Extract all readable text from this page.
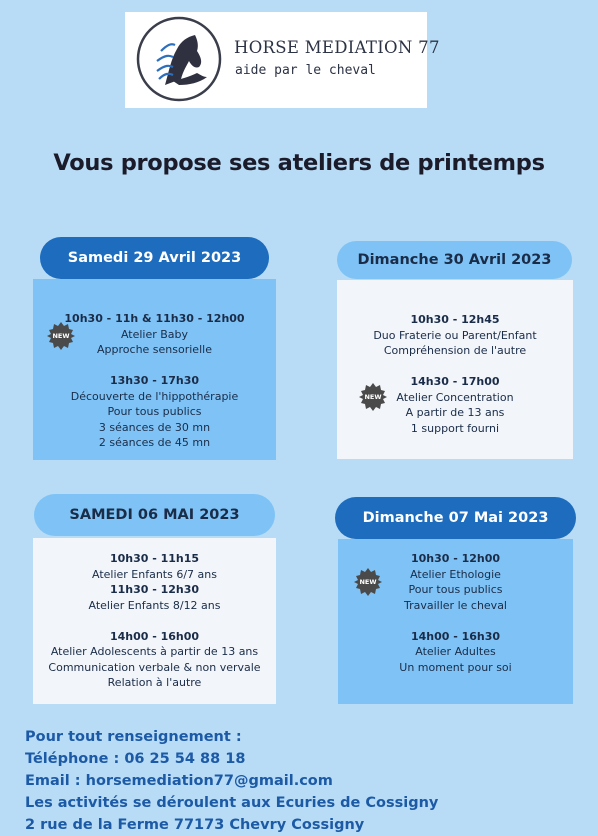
HORSE MEDIATION 77
aide par le cheval
Vous propose ses ateliers de printemps
Samedi 29 Avril 2023
10h30 - 11h & 11h30 - 12h00
Atelier Baby
Approche sensorielle
13h30 - 17h30
Découverte de l'hippothérapie
Pour tous publics
3 séances de 30 mn
2 séances de 45 mn
NEW
Dimanche 30 Avril 2023
10h30 - 12h45
Duo Fraterie ou Parent/Enfant
Compréhension de l'autre
14h30 - 17h00
Atelier Concentration
A partir de 13 ans
1 support fourni
NEW
SAMEDI 06 MAI 2023
10h30 - 11h15
Atelier Enfants 6/7 ans
11h30 - 12h30
Atelier Enfants 8/12 ans
14h00 - 16h00
Atelier Adolescents à partir de 13 ans
Communication verbale & non vervale
Relation à l'autre
Dimanche 07 Mai 2023
10h30 - 12h00
Atelier Ethologie
Pour tous publics
Travailler le cheval
14h00 - 16h30
Atelier Adultes
Un moment pour soi
NEW
Pour tout renseignement :
Téléphone : 06 25 54 88 18
Email : horsemediation77@gmail.com
Les activités se déroulent aux Ecuries de Cossigny
2 rue de la Ferme 77173 Chevry Cossigny
